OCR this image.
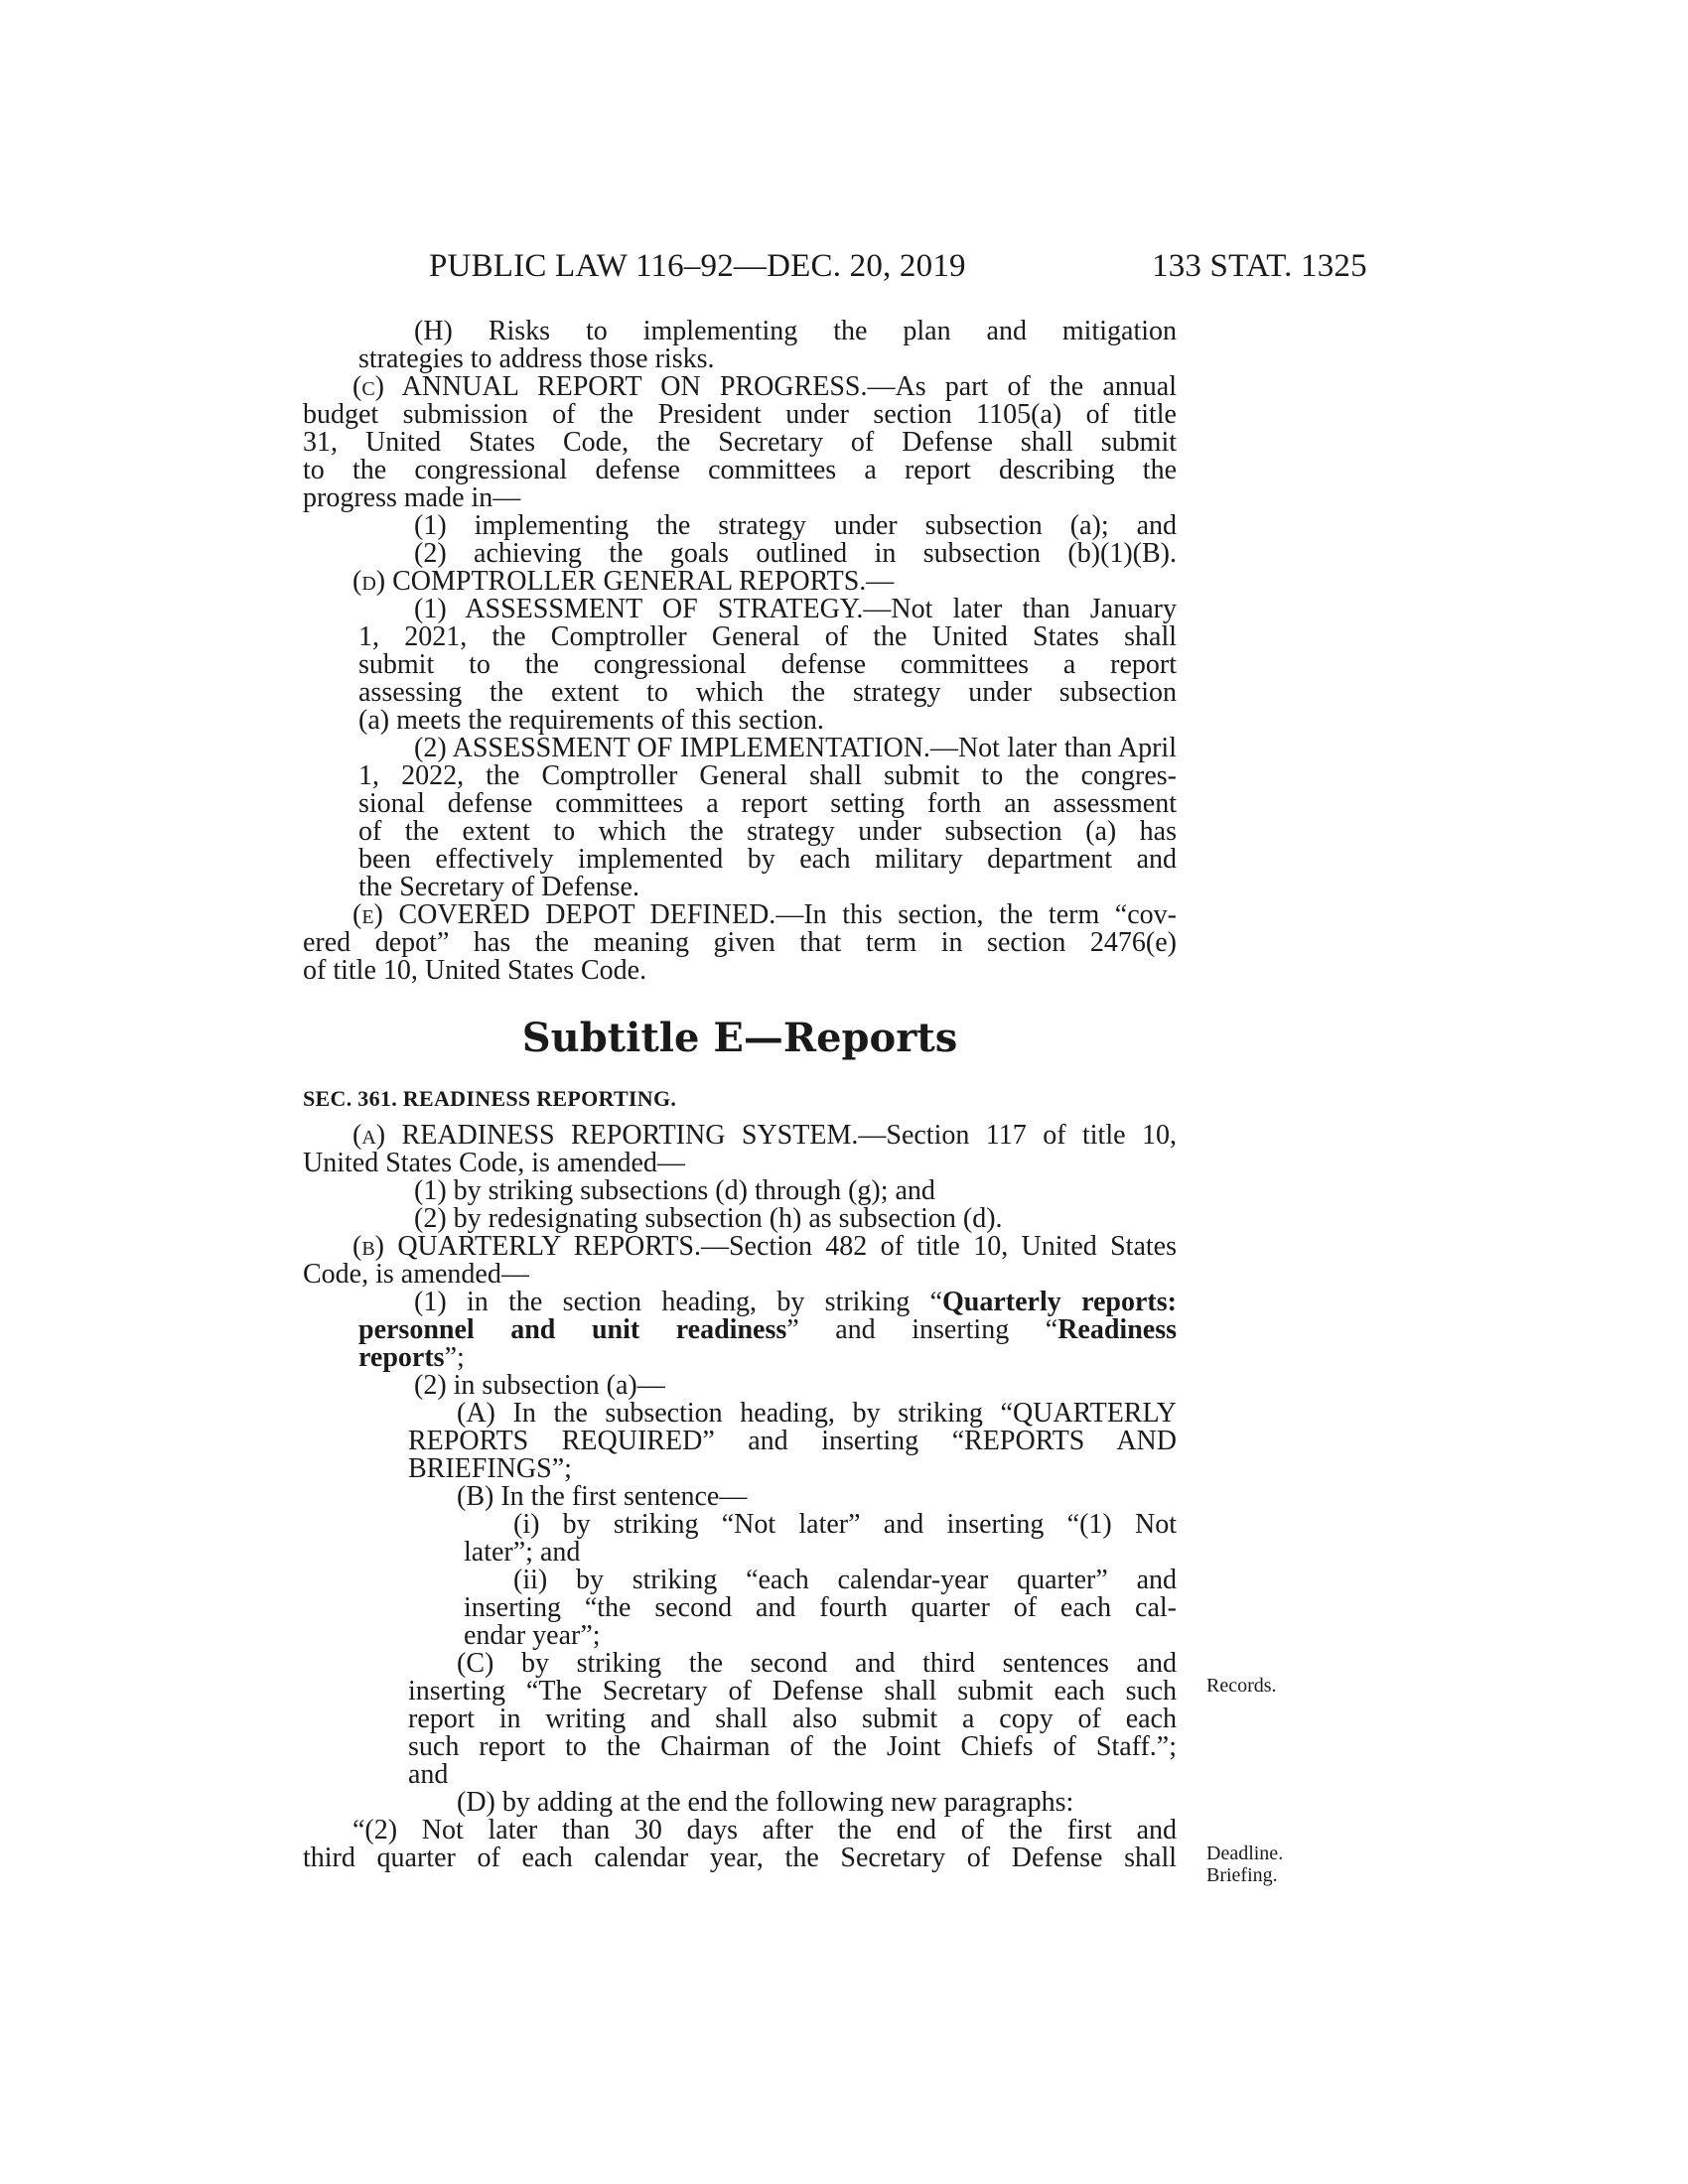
PUBLIC LAW 116–92—DEC. 20, 2019	133 STAT. 1325
(H) Risks to implementing the plan and mitigation
strategies to address those risks.
(c) ANNUAL REPORT ON PROGRESS.—As part of the annual
budget submission of the President under section 1105(a) of title
31, United States Code, the Secretary of Defense shall submit
to the congressional defense committees a report describing the
progress made in—
(1) implementing the strategy under subsection (a); and
(2) achieving the goals outlined in subsection (b)(1)(B).
(d) COMPTROLLER GENERAL REPORTS.—
(1) ASSESSMENT OF STRATEGY.—Not later than January
1, 2021, the Comptroller General of the United States shall
submit to the congressional defense committees a report
assessing the extent to which the strategy under subsection
(a) meets the requirements of this section.
(2) ASSESSMENT OF IMPLEMENTATION.—Not later than April
1, 2022, the Comptroller General shall submit to the congres-
sional defense committees a report setting forth an assessment
of the extent to which the strategy under subsection (a) has
been effectively implemented by each military department and
the Secretary of Defense.
(e) COVERED DEPOT DEFINED.—In this section, the term “cov-
ered depot” has the meaning given that term in section 2476(e)
of title 10, United States Code.
Subtitle E—Reports
SEC. 361. READINESS REPORTING.
(a) READINESS REPORTING SYSTEM.—Section 117 of title 10,
United States Code, is amended—
(1) by striking subsections (d) through (g); and
(2) by redesignating subsection (h) as subsection (d).
(b) QUARTERLY REPORTS.—Section 482 of title 10, United States
Code, is amended—
(1) in the section heading, by striking “Quarterly reports:
personnel and unit readiness” and inserting “Readiness
reports”;
(2) in subsection (a)—
(A) In the subsection heading, by striking “QUARTERLY
REPORTS REQUIRED” and inserting “REPORTS AND
BRIEFINGS”;
(B) In the first sentence—
(i) by striking “Not later” and inserting “(1) Not
later”; and
(ii) by striking “each calendar-year quarter” and
inserting “the second and fourth quarter of each cal-
endar year”;
(C) by striking the second and third sentences and
inserting “The Secretary of Defense shall submit each such
report in writing and shall also submit a copy of each
such report to the Chairman of the Joint Chiefs of Staff.”;
and
(D) by adding at the end the following new paragraphs:
“(2) Not later than 30 days after the end of the first and
third quarter of each calendar year, the Secretary of Defense shall
Records.
Deadline.
Briefing.
